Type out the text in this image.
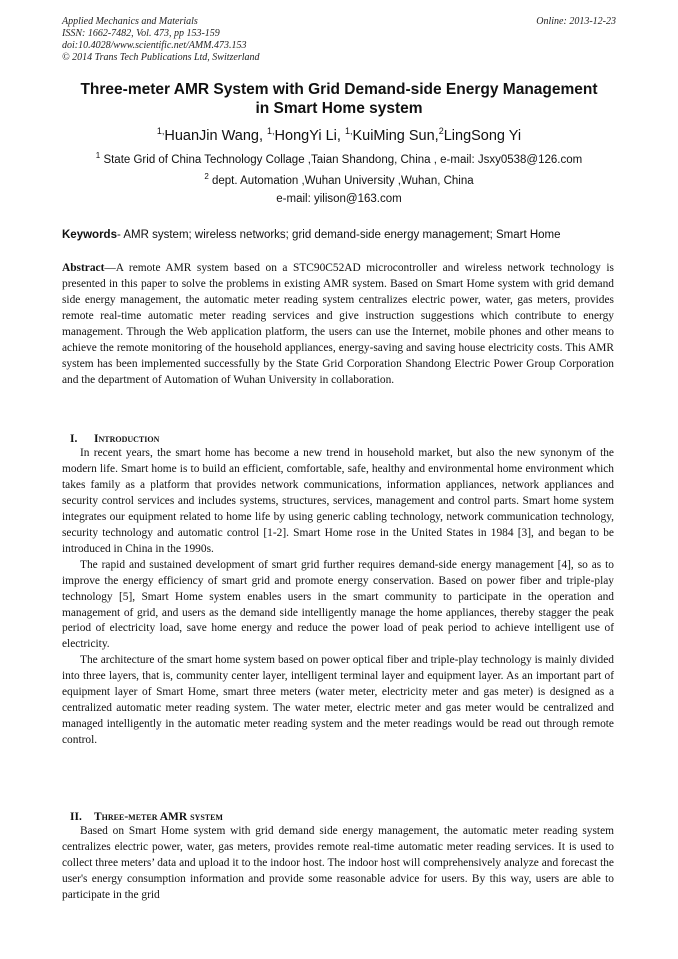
Applied Mechanics and Materials
ISSN: 1662-7482, Vol. 473, pp 153-159
doi:10.4028/www.scientific.net/AMM.473.153
© 2014 Trans Tech Publications Ltd, Switzerland
Online: 2013-12-23
Three-meter AMR System with Grid Demand-side Energy Management
in Smart Home system
$^{1,}$HuanJin Wang, $^{1,}$HongYi Li, $^{1,}$KuiMing Sun,$^2$LingSong Yi
$^1$ State Grid of China Technology Collage ,Taian Shandong, China , e-mail: Jsxy0538@126.com
$^2$ dept. Automation ,Wuhan University ,Wuhan, China
e-mail: yilison@163.com
Keywords- AMR system; wireless networks; grid demand-side energy management; Smart Home

Abstract—A remote AMR system based on a STC90C52AD microcontroller and wireless network technology is presented in this paper to solve the problems in existing AMR system. Based on Smart Home system with grid demand side energy management, the automatic meter reading system centralizes electric power, water, gas meters, provides remote real-time automatic meter reading services and give instruction suggestions which contribute to energy management. Through the Web application platform, the users can use the Internet, mobile phones and other means to achieve the remote monitoring of the household appliances, energy-saving and saving house electricity costs. This AMR system has been implemented successfully by the State Grid Corporation Shandong Electric Power Group Corporation and the department of Automation of Wuhan University in collaboration.

I. Introduction

In recent years, the smart home has become a new trend in household market, but also the new synonym of the modern life. Smart home is to build an efficient, comfortable, safe, healthy and environmental home environment which takes family as a platform that provides network communications, information appliances, network appliances and security control services and includes systems, structures, services, management and control parts. Smart home system integrates our equipment related to home life by using generic cabling technology, network communication technology, security technology and automatic control [1-2]. Smart Home rose in the United States in 1984 [3], and began to be introduced in China in the 1990s.

The rapid and sustained development of smart grid further requires demand-side energy management [4], so as to improve the energy efficiency of smart grid and promote energy conservation. Based on power fiber and triple-play technology [5], Smart Home system enables users in the smart community to participate in the operation and management of grid, and users as the demand side intelligently manage the home appliances, thereby stagger the peak period of electricity load, save home energy and reduce the power load of peak period to achieve intelligent use of electricity.

The architecture of the smart home system based on power optical fiber and triple-play technology is mainly divided into three layers, that is, community center layer, intelligent terminal layer and equipment layer. As an important part of equipment layer of Smart Home, smart three meters (water meter, electricity meter and gas meter) is designed as a centralized automatic meter reading system. The water meter, electric meter and gas meter would be centralized and managed intelligently in the automatic meter reading system and the meter readings would be read out through remote control.

II. Three-meter AMR system

Based on Smart Home system with grid demand side energy management, the automatic meter reading system centralizes electric power, water, gas meters, provides remote real-time automatic meter reading services. It is used to collect three meters’ data and upload it to the indoor host. The indoor host will comprehensively analyze and forecast the user's energy consumption information and provide some reasonable advice for users. By this way, users are able to participate in the grid
